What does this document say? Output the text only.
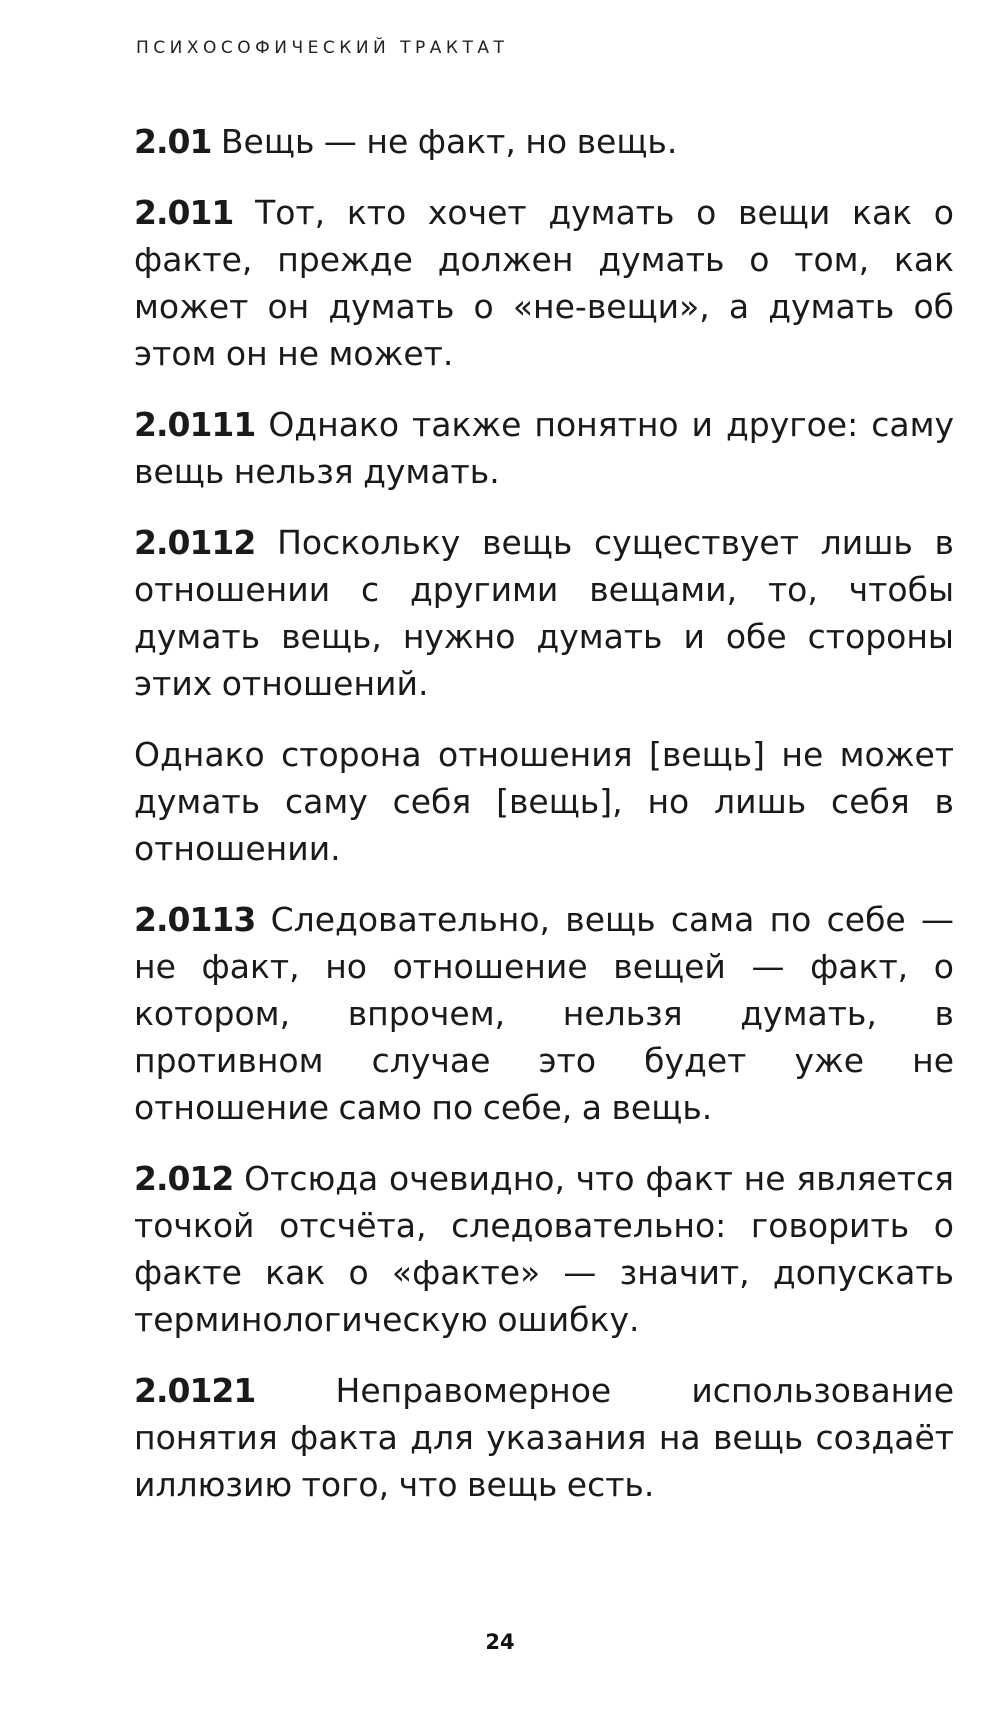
ПСИХОСОФИЧЕСКИЙ ТРАКТАТ

2.01 Вещь — не факт, но вещь.

2.011 Тот, кто хочет думать о вещи как о факте, прежде должен думать о том, как может он думать о «не-вещи», а думать об этом он не может.

2.0111 Однако также понятно и другое: саму вещь нельзя думать.

2.0112 Поскольку вещь существует лишь в отношении с другими вещами, то, чтобы думать вещь, нужно думать и обе стороны этих отношений.

Однако сторона отношения [вещь] не может думать саму себя [вещь], но лишь себя в отношении.

2.0113 Следовательно, вещь сама по себе — не факт, но отношение вещей — факт, о котором, впрочем, нельзя думать, в противном случае это будет уже не отношение само по себе, а вещь.

2.012 Отсюда очевидно, что факт не является точкой отсчёта, следовательно: говорить о факте как о «факте» — значит, допускать терминологическую ошибку.

2.0121 Неправомерное использование понятия факта для указания на вещь создаёт иллюзию того, что вещь есть.

24
